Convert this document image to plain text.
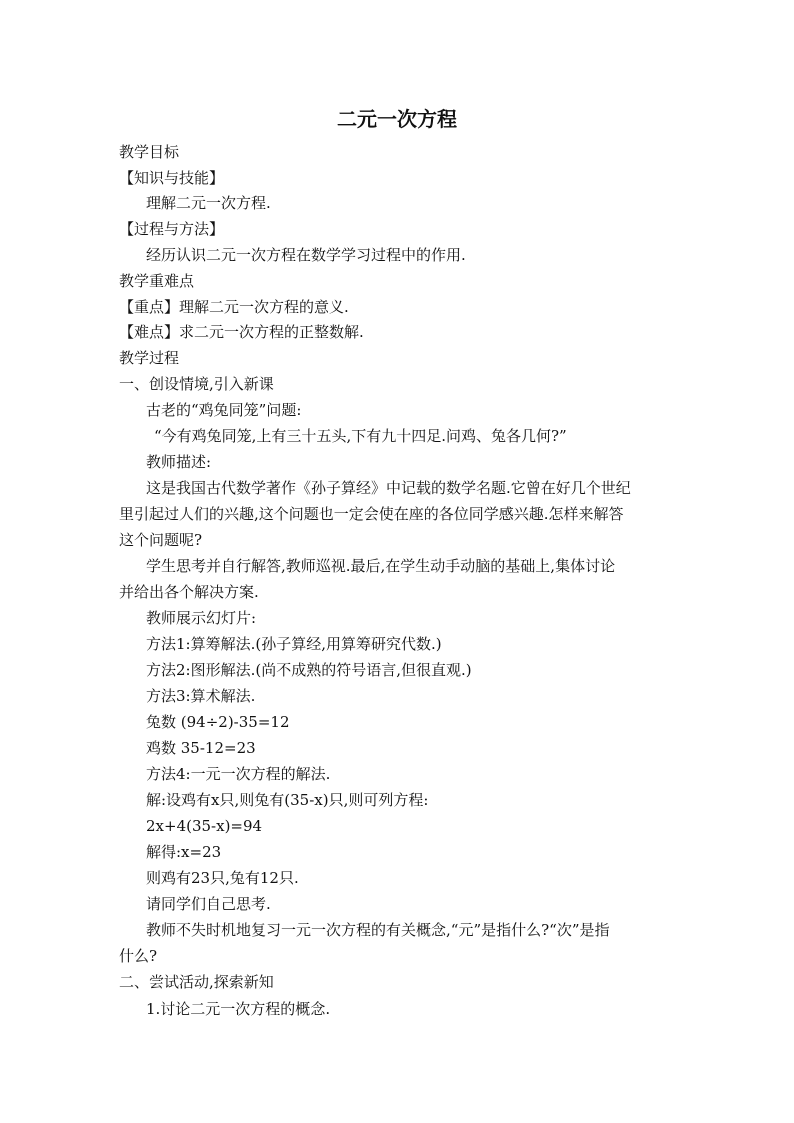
二元一次方程
教学目标
【知识与技能】
理解二元一次方程.
【过程与方法】
经历认识二元一次方程在数学学习过程中的作用.
教学重难点
【重点】理解二元一次方程的意义.
【难点】求二元一次方程的正整数解.
教学过程
一、创设情境,引入新课
古老的“鸡兔同笼”问题:
“今有鸡兔同笼,上有三十五头,下有九十四足.问鸡、兔各几何?”
教师描述:
这是我国古代数学著作《孙子算经》中记载的数学名题.它曾在好几个世纪
里引起过人们的兴趣,这个问题也一定会使在座的各位同学感兴趣.怎样来解答
这个问题呢?
学生思考并自行解答,教师巡视.最后,在学生动手动脑的基础上,集体讨论
并给出各个解决方案.
教师展示幻灯片:
方法1:算筹解法.(孙子算经,用算筹研究代数.)
方法2:图形解法.(尚不成熟的符号语言,但很直观.)
方法3:算术解法.
兔数 (94÷2)-35=12
鸡数 35-12=23
方法4:一元一次方程的解法.
解:设鸡有x只,则兔有(35-x)只,则可列方程:
2x+4(35-x)=94
解得:x=23
则鸡有23只,兔有12只.
请同学们自己思考.
教师不失时机地复习一元一次方程的有关概念,“元”是指什么?“次”是指
什么?
二、尝试活动,探索新知
1.讨论二元一次方程的概念.
